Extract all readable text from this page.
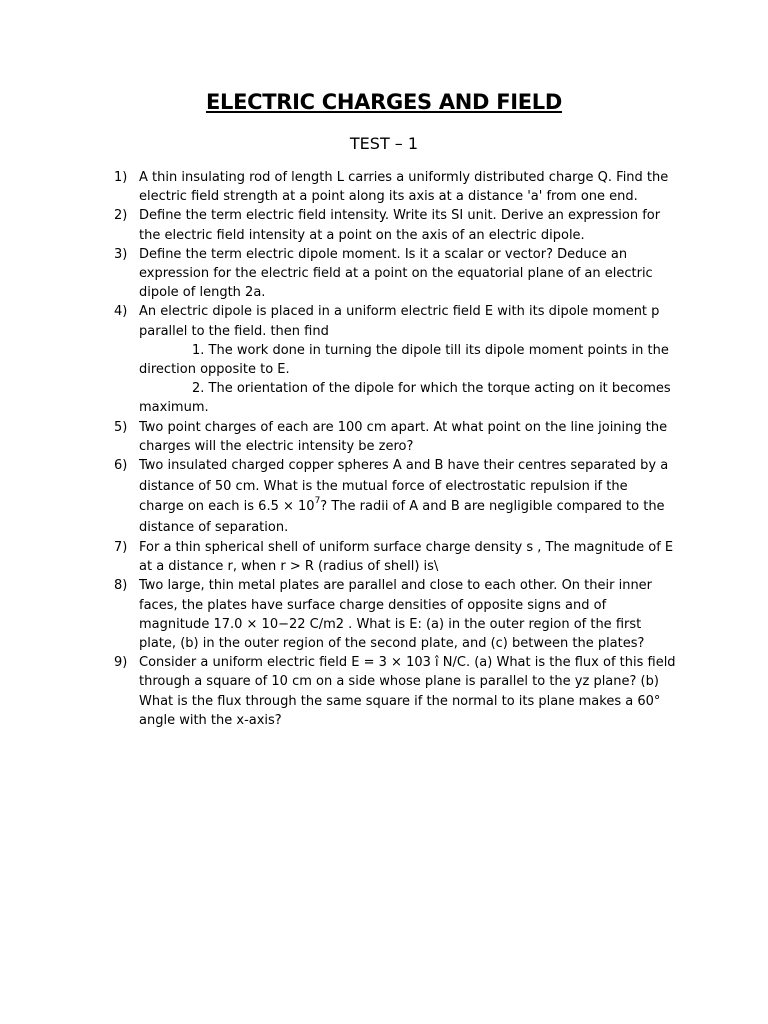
ELECTRIC CHARGES AND FIELD
TEST – 1
1) A thin insulating rod of length L carries a uniformly distributed charge Q. Find the electric field strength at a point along its axis at a distance 'a' from one end.
2) Define the term electric field intensity. Write its SI unit. Derive an expression for the electric field intensity at a point on the axis of an electric dipole.
3) Define the term electric dipole moment. Is it a scalar or vector? Deduce an expression for the electric field at a point on the equatorial plane of an electric dipole of length 2a.
4) An electric dipole is placed in a uniform electric field E with its dipole moment p parallel to the field. then find
1. The work done in turning the dipole till its dipole moment points in the direction opposite to E.
2. The orientation of the dipole for which the torque acting on it becomes maximum.
5) Two point charges of each are 100 cm apart. At what point on the line joining the charges will the electric intensity be zero?
6) Two insulated charged copper spheres A and B have their centres separated by a distance of 50 cm. What is the mutual force of electrostatic repulsion if the charge on each is $6.5 \times 10^7$? The radii of A and B are negligible compared to the distance of separation.
7) For a thin spherical shell of uniform surface charge density s , The magnitude of E at a distance r, when r > R (radius of shell) is\
8) Two large, thin metal plates are parallel and close to each other. On their inner faces, the plates have surface charge densities of opposite signs and of magnitude 17.0 × 10−22 C/m2 . What is E: (a) in the outer region of the first plate, (b) in the outer region of the second plate, and (c) between the plates?
9) Consider a uniform electric field E = 3 × 103 î N/C. (a) What is the flux of this field through a square of 10 cm on a side whose plane is parallel to the yz plane? (b) What is the flux through the same square if the normal to its plane makes a 60° angle with the x-axis?
